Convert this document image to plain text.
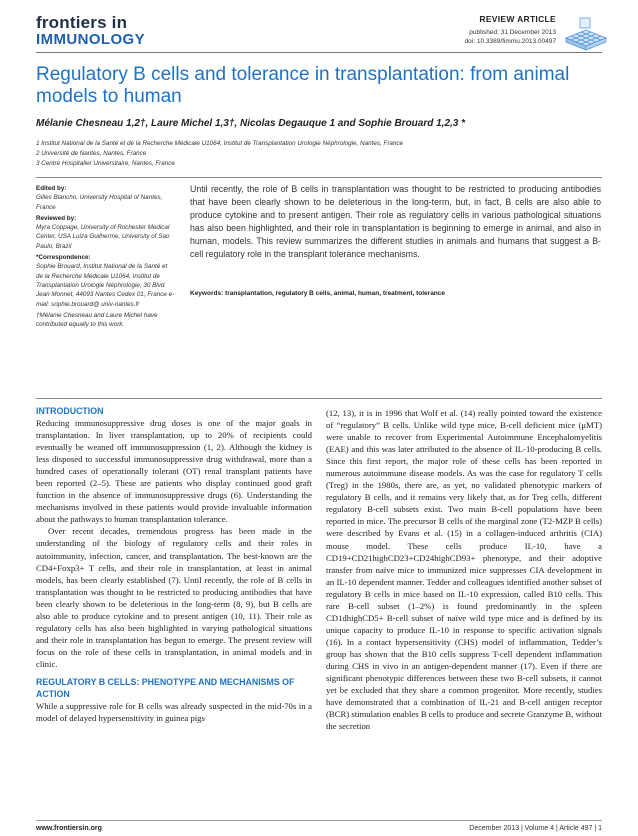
frontiers in
IMMUNOLOGY
REVIEW ARTICLE
published: 31 December 2013
doi: 10.3389/fimmu.2013.00497
Regulatory B cells and tolerance in transplantation: from animal models to human
Mélanie Chesneau 1,2†, Laure Michel 1,3†, Nicolas Degauque 1 and Sophie Brouard 1,2,3 *
1 Institut National de la Santé et de la Recherche Médicale U1064, Institut de Transplantation Urologie Néphrologie, Nantes, France
2 Université de Nantes, Nantes, France
3 Centre Hospitalier Universitaire, Nantes, France
Edited by:
Gilles Blancho, University Hospital of Nantes, France
Reviewed by:
Myra Coppage, University of Rochester Medical Center, USA Luiza Guilherme, University of Sao Paulo, Brazil
*Correspondence:
Sophie Brouard, Institut National de la Santé et de la Recherche Médicale U1064, Institut de Transplantation Urologie Néphrologie, 30 Blvd. Jean Monnet, 44093 Nantes Cedex 01, France e-mail: sophie.brouard@ univ-nantes.fr
†Mélanie Chesneau and Laure Michel have contributed equally to this work.
Until recently, the role of B cells in transplantation was thought to be restricted to producing antibodies that have been clearly shown to be deleterious in the long-term, but, in fact, B cells are also able to produce cytokine and to present antigen. Their role as regulatory cells in various pathological situations has also been highlighted, and their role in transplantation is beginning to emerge in animal, and also in human, models. This review summarizes the different studies in animals and humans that suggest a B-cell regulatory role in the transplant tolerance mechanisms.
Keywords: transplantation, regulatory B cells, animal, human, treatment, tolerance
INTRODUCTION
Reducing immunosuppressive drug doses is one of the major goals in transplantation. In liver transplantation, up to 20% of recipients could eventually be weaned off immunosuppression (1, 2). Although the kidney is less disposed to successful immunosuppressive drug withdrawal, more than a hundred cases of operationally tolerant (OT) renal transplant patients have been reported (2–5). These are patients who display continued good graft function in the absence of immunosuppressive drugs (6). Understanding the mechanisms involved in these patients would provide invaluable information about the pathways to human transplantation tolerance.
Over recent decades, tremendous progress has been made in the understanding of the biology of regulatory cells and their roles in autoimmunity, infection, cancer, and transplantation. The best-known are the CD4+Foxp3+ T cells, and their role in transplantation, at least in animal models, has been clearly established (7). Until recently, the role of B cells in transplantation was thought to be restricted to producing antibodies that have been clearly shown to be deleterious in the long-term (8, 9), but B cells are also able to produce cytokine and to present antigen (10, 11). Their role as regulatory cells has also been highlighted in varying pathological situations and their role in transplantation has begun to emerge. The present review will focus on the role of these cells in transplantation, in animal models and in clinic.
REGULATORY B CELLS: PHENOTYPE AND MECHANISMS OF ACTION
While a suppressive role for B cells was already suspected in the mid-70s in a model of delayed hypersensitivity in guinea pigs
(12, 13), it is in 1996 that Wolf et al. (14) really pointed toward the existence of “regulatory” B cells. Unlike wild type mice, B-cell deficient mice (μMT) were unable to recover from Experimental Autoimmune Encephalomyelitis (EAE) and this was later attributed to the absence of IL-10-producing B cells. Since this first report, the major role of these cells has been reported in numerous autoimmune disease models. As was the case for regulatory T cells (Treg) in the 1980s, there are, as yet, no validated phenotypic markers of regulatory B cells, and it remains very likely that, as for Treg cells, different regulatory B-cell subsets exist. Two main B-cell populations have been reported in mice. The precursor B cells of the marginal zone (T2-MZP B cells) were described by Evans et al. (15) in a collagen-induced arthritis (CIA) mouse model. These cells produce IL-10, have a CD19+CD21highCD23+CD24highCD93+ phenotype, and their adoptive transfer from naïve mice to immunized mice suppresses CIA development in an IL-10 dependent manner. Tedder and colleagues identified another subset of regulatory B cells in mice based on IL-10 expression, called B10 cells. This rare B-cell subset (1–2%) is found predominantly in the spleen CD1dhighCD5+ B-cell subset of naïve wild type mice and is defined by its unique capacity to produce IL-10 in response to specific activation signals (16). In a contact hypersensitivity (CHS) model of inflammation, Tedder’s group has shown that the B10 cells suppress T-cell dependent inflammation during CHS in vivo in an antigen-dependent manner (17). Even if there are significant phenotypic differences between these two B-cell subsets, it cannot yet be excluded that they share a common progenitor. More recently, studies have demonstrated that a combination of IL-21 and B-cell antigen receptor (BCR) stimulation enables B cells to produce and secrete Granzyme B, without the secretion
www.frontiersin.org	December 2013 | Volume 4 | Article 497 | 1
